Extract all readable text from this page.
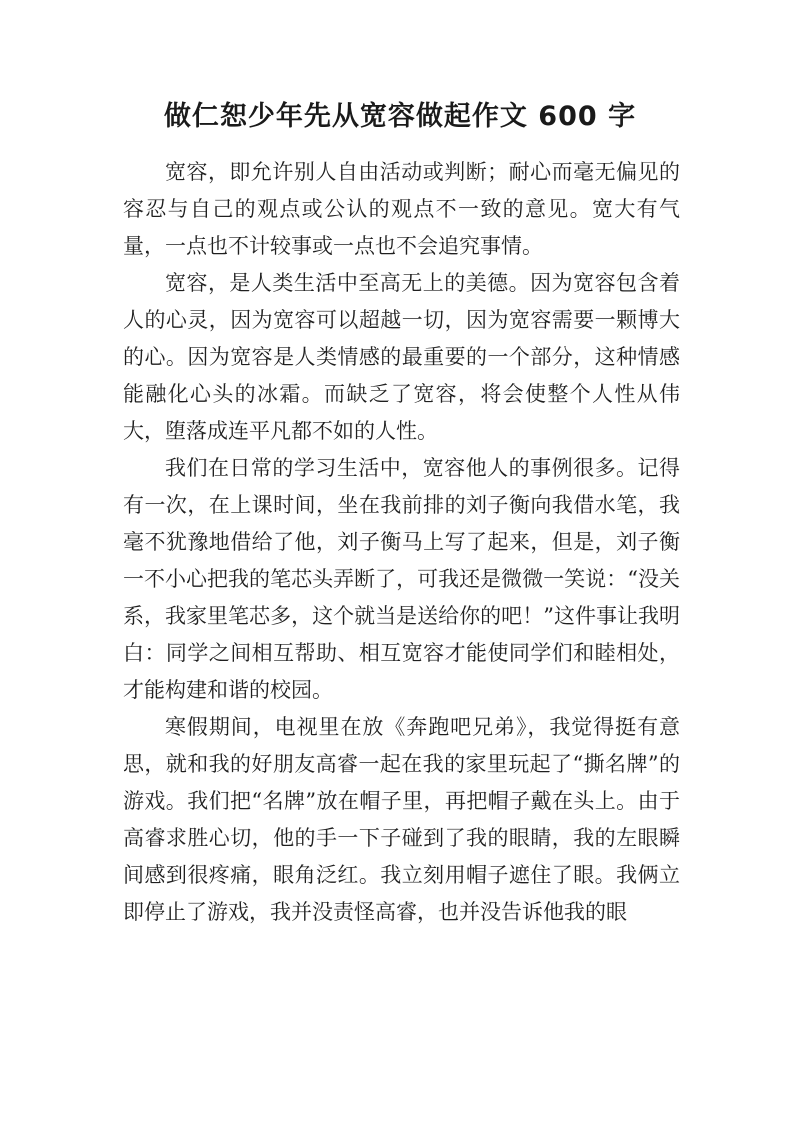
做仁恕少年先从宽容做起作文 600 字

宽容，即允许别人自由活动或判断；耐心而毫无偏见的容忍与自己的观点或公认的观点不一致的意见。宽大有气量，一点也不计较事或一点也不会追究事情。

宽容，是人类生活中至高无上的美德。因为宽容包含着人的心灵，因为宽容可以超越一切，因为宽容需要一颗博大的心。因为宽容是人类情感的最重要的一个部分，这种情感能融化心头的冰霜。而缺乏了宽容，将会使整个人性从伟大，堕落成连平凡都不如的人性。

我们在日常的学习生活中，宽容他人的事例很多。记得有一次，在上课时间，坐在我前排的刘子衡向我借水笔，我毫不犹豫地借给了他，刘子衡马上写了起来，但是，刘子衡一不小心把我的笔芯头弄断了，可我还是微微一笑说：“没关系，我家里笔芯多，这个就当是送给你的吧！”这件事让我明白：同学之间相互帮助、相互宽容才能使同学们和睦相处，才能构建和谐的校园。

寒假期间，电视里在放《奔跑吧兄弟》，我觉得挺有意思，就和我的好朋友高睿一起在我的家里玩起了“撕名牌”的游戏。我们把“名牌”放在帽子里，再把帽子戴在头上。由于高睿求胜心切，他的手一下子碰到了我的眼睛，我的左眼瞬间感到很疼痛，眼角泛红。我立刻用帽子遮住了眼。我俩立即停止了游戏，我并没责怪高睿，也并没告诉他我的眼
